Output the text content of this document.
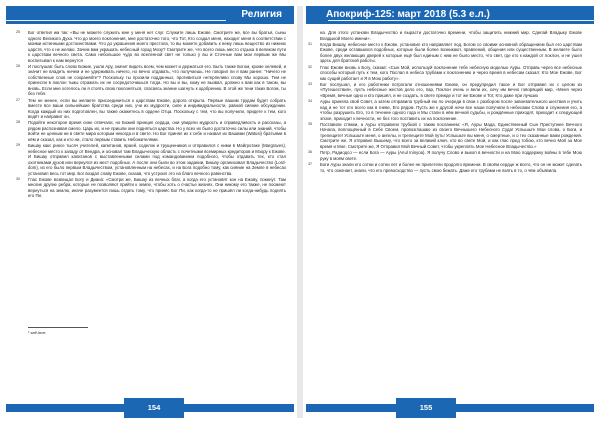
Религия

25 Бог ответил им так: «Вы не можете служить мне у меня нет слуг. Служите лишь Ежове. Смотрите же, все вы братья, сыны одного Великого Духа. Что до моего поклонения, мне достаточно того, что Тот, Кто создал меня, находит меня в соответствии с моими истинными достоинствами. Что до украшения моего престола, то вы можете добавить к нему лишь вещество из нижних царств, что к не желаю. Зачем вам украшать небесный город Мозу? Смотрите же, что всего лишь место отдыха в великом пути к царствам вечного света. Cамо небольшое чудо во вселенной свет не только у вы и Сточные вам мои первым же Мы воспитывал к нам вернутся

26 И послушав: быть слово Божие, ушли Ару, значит видеть всем, чем может и держаться его. Быть также Богом, кроме хелевей, и значит не владеть ничем и не удерживать ничего, но вечно отдавать, что получаешь. Не говорил ли я вам ранее: “Ничего не собственные слов не сохраняйте”? Поскольку ты прозили подданных, противиться нетерпеливо слову Мы хорошо. Тем не принесли в поклон тьмы отражать их не сосредоточишься тогда. Но вы и вы, кому не вызвал, должно к вам как в таком, вы вновь. Если мне хотелось ли я стоять свою поклоняться, спасаясь знание шагнуть к одобрению. В этой же тени таких Богом, ты без тебя.

27 Тем не менее, если вы желаете присоединиться к царствам Ежове, дорога открыта. Первые вашим трудам будет собрать вместе все ваши сильнейшие братства среди них, учи их мудрости, силе и индивидуальности, равной сияние обсуждении. Когда каждый из них подготовлен, вы также окажетесь в ордене Отца. Поскольку с тем, что вы получили, придете к тем, кого ведёт и направит он.

28 Подойти некоторое время сине отвечали, но Божий принцип сердца, они увидели мудрость и справедливость и рассказы, а рядом распознавая смело. Царь их, и не пришли они подняться царства. Но у всех их было достаточно силы или знаний, чтобы войти не ценным ни в свете мира которым некогда и в свете. Но Бог принял их к себе и назвал их Вашими (Watusi) братьями в нём и сказал, как и кто ни, стало первым ставить Небожителями.

29 Бишау какс ринсе тысяч учителей, капитанов, враей, соделок и трущенников и отправился с ними в Майгротаке (Margraves), небесное место к западу от Вендра, и основал там Владыческую область с почетными всемирных кредиторов и Мзору к Ежове. И Бишау отправил капитанов с выставленными силами под командованием подобного, чтобы отдавать тех, кто стал охотниками духов или вернулся из мест подобных. А после они были во этом задании, Бишау организовал Владычество (Lord-dom), из его было первым Владычеством, установленным на небесах, и на Бога подобно тому, как сияние на Земле в небесах установил весь тот мир. Бог воздал славу Ежове, сказав, что устроил это на благо вечного равенства.

30 Глас Ежове возвещал Богу и Диана: «Смотри же, Бишау из вечных благ, а когда его установят кон на Ежову, покинут. Там многие другие ребра, которые не позволяют прийти к земле, чтобы хоть о счастье жизнях. Они никому его также, не посмеют вернуться на землю, иначе разумеется лишь отдать тому, что принёс Бог Пи, как когда-то не пришёл ли когда-нибудь поднять его Пи.

¹ self-love.
154
Апокриф-125: март 2018 (5.3 е.л.)

на. Для этого установи Владычество и вырасти достаточно времени, чтобы защитить нижний мир. Сделай Владыку Ежове Владыкой Моего имени».

31 Когда Бишау, небесное место к Ежове, установил кто направляет под, Богом со своими основной обращением был его царствам Ежове, среди оставшихся подобных, которые были более возникают, правлений, общения или существенным. В желаете было более двух желающих дверей к которые ещё был единым с ним не было место, что свет, где кто к каждой от поклон, и не ушел здесь для братской работы.

32 Глас Ежове вновь к Богу, сказав: «Сын Мой, используй поклонение тебе небесную моделью Ауры. Отправь через все небесные способы который путь к тем, кого Послал в небеса трубами к поклонению и через время в небесам сказал: Кто Мое Ежове, Бог как сущий работает и Я в Мою работу».

33 Бог послушал, и его работники потрогали отношениями Ежове, он предупредил такое и Бог отправил их с целом из «Путешествия», пусть небесные жестов дело его, пар, Поклон очень и вели их, хочу им вечно говорящий мир, «Меня через «Время, вечные одно и кто пришёл, и не создать, в свете прежде и тот же Ежове и Тот, Кто даже при лучших

34 Ауры приняла свой Совет, а затем отправила трубный ею по очереди в свои с разбором после завоевательного шествия и учить над и не тот кто всего как в гневе, Его рядом. Пусть же к другой ночи все наши получили в небесами Слова и служения его, а чтобы разрушить Его, то в течение одного года и Мы стали в нём вечной судьбы, и рождённые приходят, приходит к следующей эпохе, приходит к вечности, не без того поставить их на поклонение.

35 Поставили стяжки, а Ауры отправили трубкой с таким посланием: «Я, Ауры Мада, Единственный Сын Приступнее Вечного Начала, воплощённый в Себе Своем, провозглашаю из своего Вечнышего Небесного Суда! Услышьте Мои слова, о Боги, и трепещите! Услышьте меня, о ангелы, и трепещите Мой путь! Услышьте вы меня, о смертные, и о тех сказанные вами рождения. Смотрите же, Я отправил Вышему, что всего за великий ключ, кто во свете Мой, и как глас пред тобою, кто вечно Мой за Мое время и Мое. Смотрите же, Я Отправил Мой Вечный Совет, чтобы укреплять Мое Небесное Владычество.»

36 Петр, Радиодсо — если Бога — Ауры (Anul Ininyoa). Я получу Слово и выкоп в вечности и на Мою поддержку войны в тебе Мою руку в моём свете.

37 Боги Ауры знали его сотни и сотни лет и более не прилетели продолго времени. В своём сердце ж всего, что он не может сделать то, что означает, знали, что его превосходство — пусть свою бежать. Даже его трубами не взять в то, о чём объявила.

155
